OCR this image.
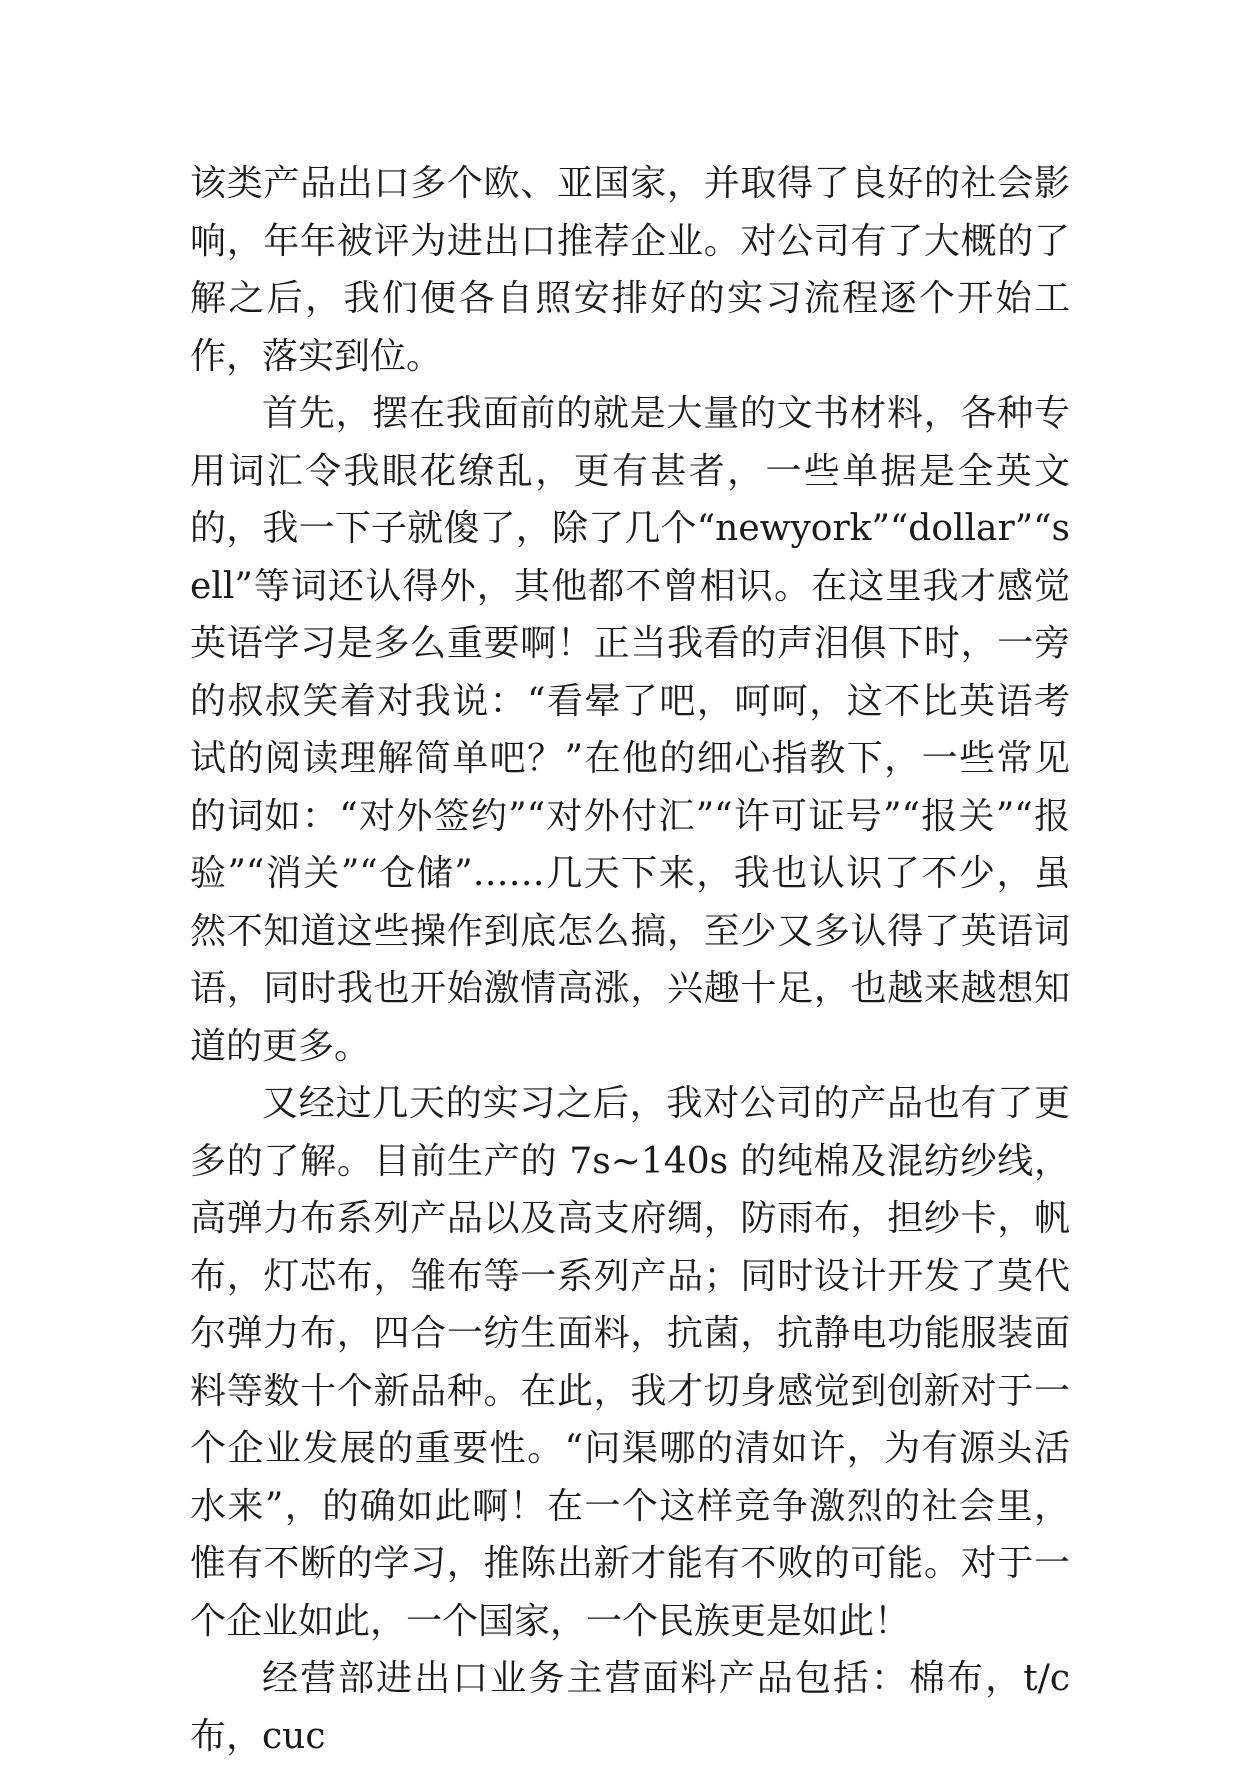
该类产品出口多个欧、亚国家，并取得了良好的社会影响，年年被评为进出口推荐企业。对公司有了大概的了解之后，我们便各自照安排好的实习流程逐个开始工作，落实到位。

首先，摆在我面前的就是大量的文书材料，各种专用词汇令我眼花缭乱，更有甚者，一些单据是全英文的，我一下子就傻了，除了几个“newyork”“dollar”“sell”等词还认得外，其他都不曾相识。在这里我才感觉英语学习是多么重要啊！正当我看的声泪俱下时，一旁的叔叔笑着对我说：“看晕了吧，呵呵，这不比英语考试的阅读理解简单吧？”在他的细心指教下，一些常见的词如：“对外签约”“对外付汇”“许可证号”“报关”“报验”“消关”“仓储”……几天下来，我也认识了不少，虽然不知道这些操作到底怎么搞，至少又多认得了英语词语，同时我也开始激情高涨，兴趣十足，也越来越想知道的更多。

又经过几天的实习之后，我对公司的产品也有了更多的了解。目前生产的 7s~140s 的纯棉及混纺纱线，高弹力布系列产品以及高支府绸，防雨布，担纱卡，帆布，灯芯布，雏布等一系列产品；同时设计开发了莫代尔弹力布，四合一纺生面料，抗菌，抗静电功能服装面料等数十个新品种。在此，我才切身感觉到创新对于一个企业发展的重要性。“问渠哪的清如许，为有源头活水来”，的确如此啊！在一个这样竞争激烈的社会里，惟有不断的学习，推陈出新才能有不败的可能。对于一个企业如此，一个国家，一个民族更是如此！

经营部进出口业务主营面料产品包括：棉布，t/c 布，cuc
